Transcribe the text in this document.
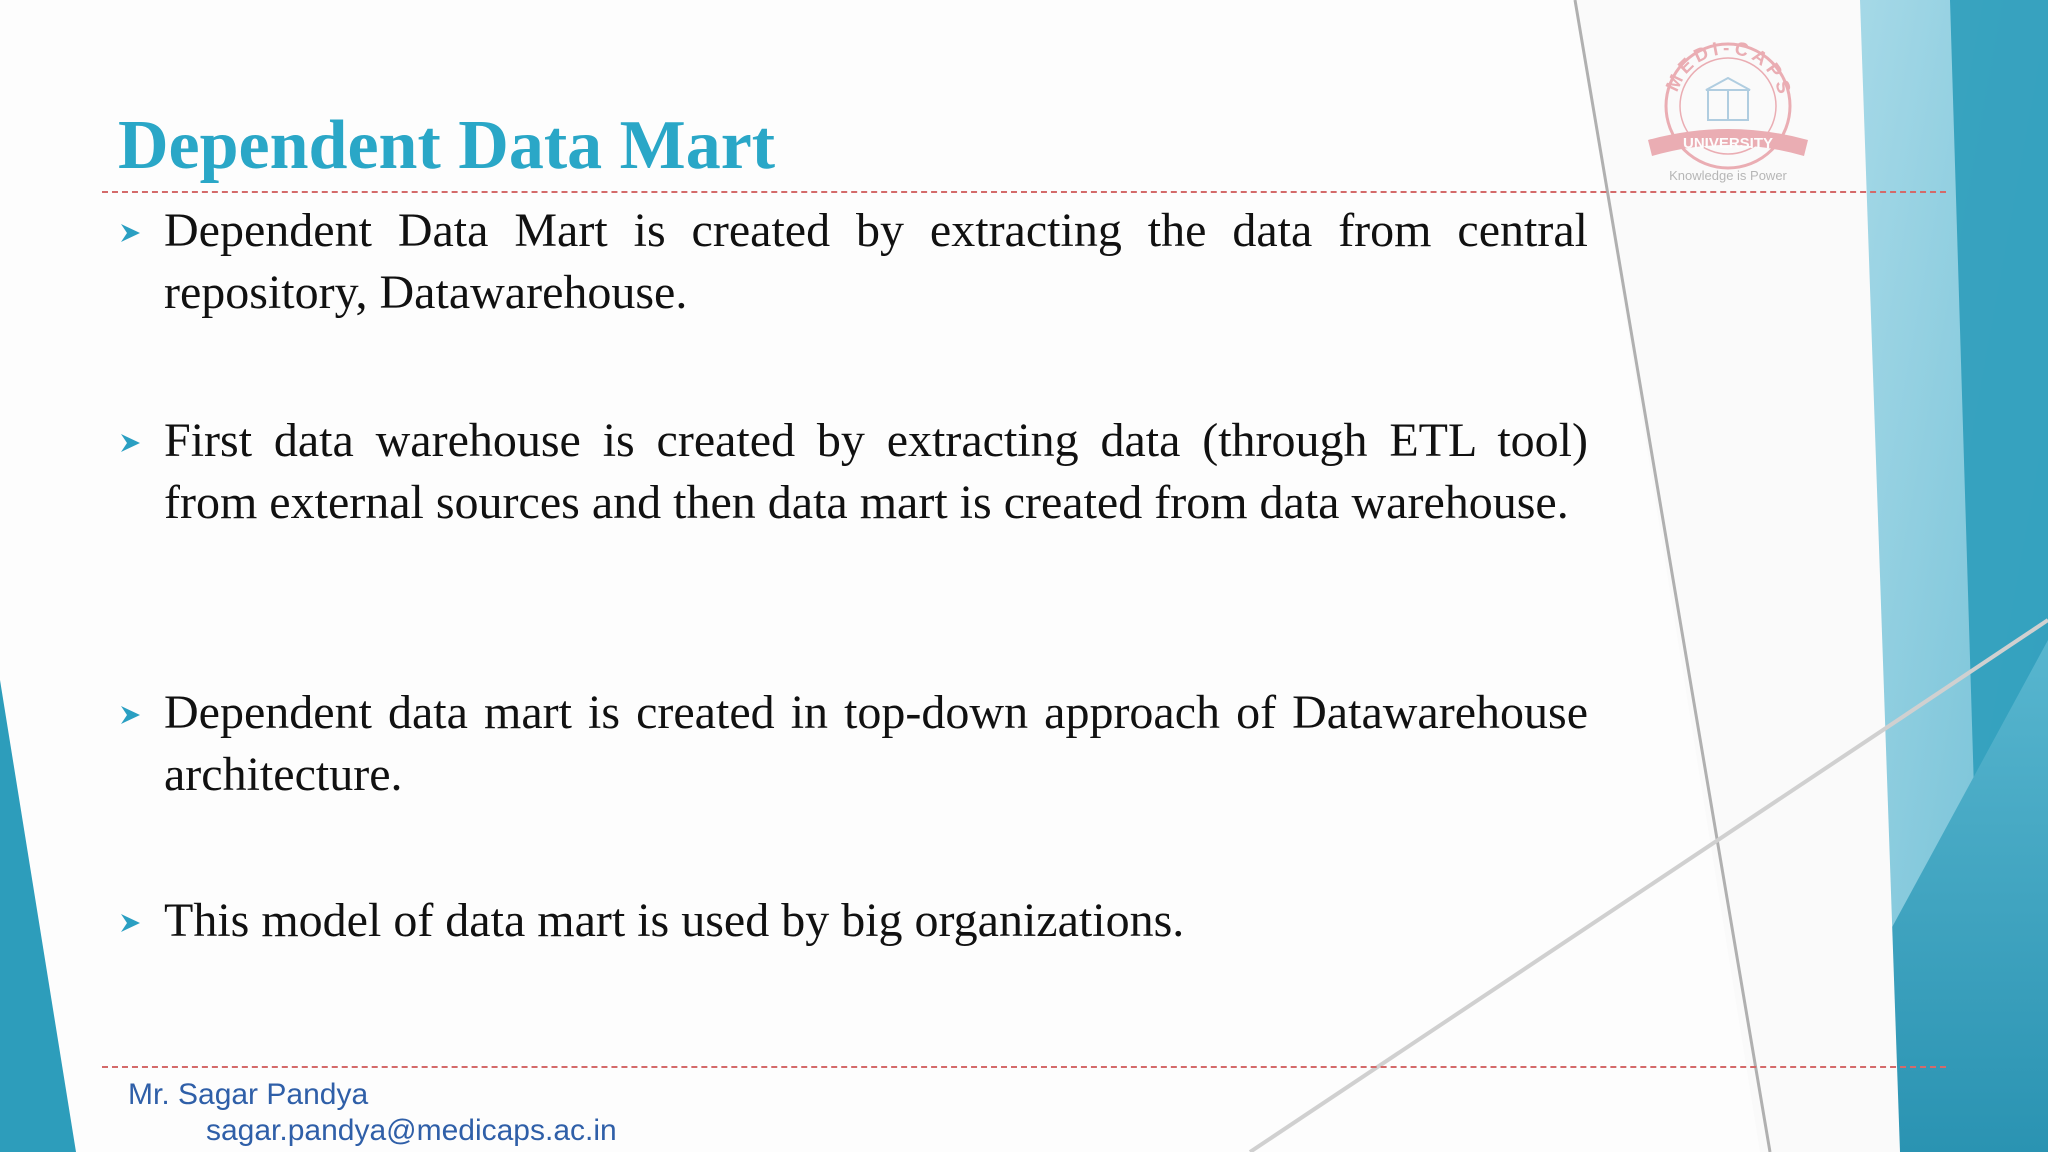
MEDI-CAPS
UNIVERSITY
Knowledge is Power
Dependent Data Mart

Dependent Data Mart is created by extracting the data from central repository, Datawarehouse.

First data warehouse is created by extracting data (through ETL tool) from external sources and then data mart is created from data warehouse.

Dependent data mart is created in top-down approach of Datawarehouse architecture.

This model of data mart is used by big organizations.

Mr. Sagar Pandya
sagar.pandya@medicaps.ac.in
